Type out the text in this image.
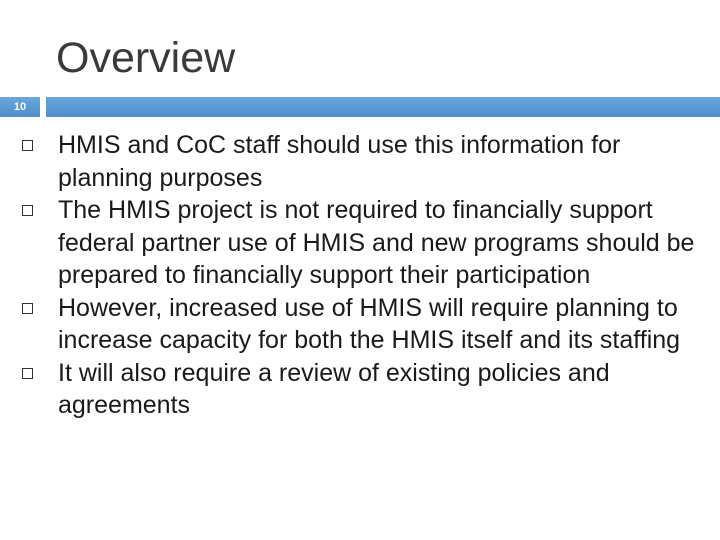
Overview
10
HMIS and CoC staff should use this information for planning purposes
The HMIS project is not required to financially support federal partner use of HMIS and new programs should be prepared to financially support their participation
However, increased use of HMIS will require planning to increase capacity for both the HMIS itself and its staffing
It will also require a review of existing policies and agreements
